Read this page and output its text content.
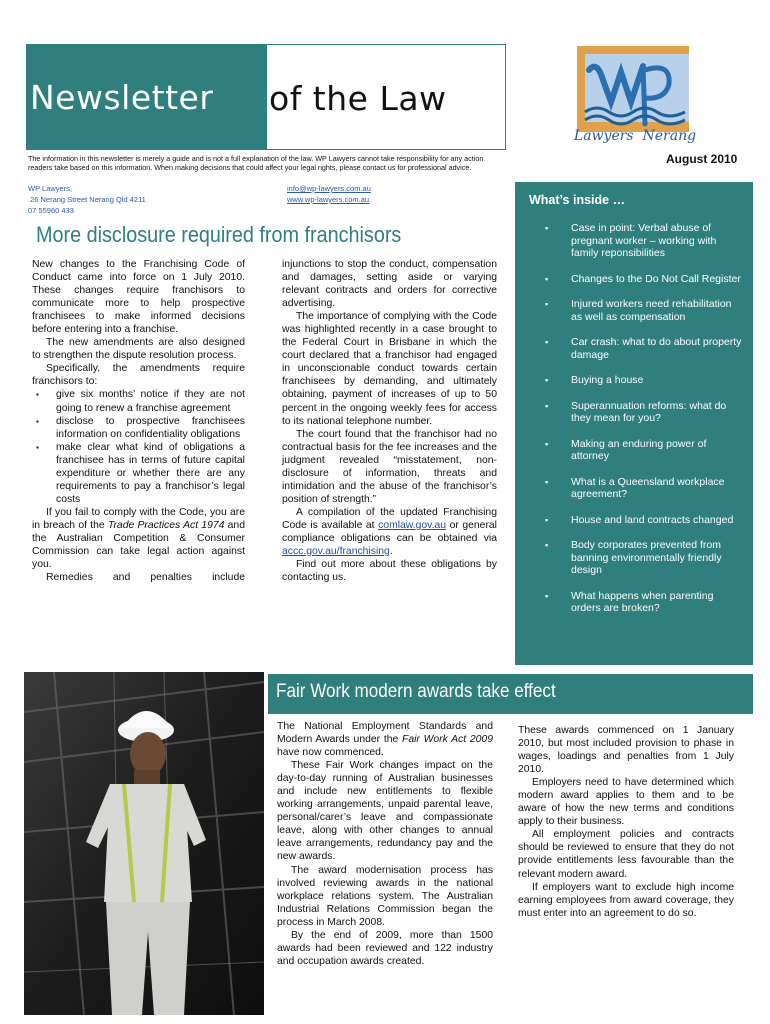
Newsletter of the Law
Lawyers  Nerang
The information in this newsletter is merely a guide and is not a full explanation of the law. WP Lawyers cannot take responsibility for any action readers take based on this information. When making decisions that could affect your legal rights, please contact us for professional advice.
August 2010
WP Lawyers,
26 Nerang Street Nerang Qld 4211
07 55960 433
info@wp-lawyers.com.au
www.wp-lawyers.com.au	What’s inside …
▪ Case in point: Verbal abuse of pregnant worker – working with family reponsibilities
▪ Changes to the Do Not Call Register
▪ Injured workers need rehabilitation as well as compensation
▪ Car crash: what to do about property damage
▪ Buying a house
▪ Superannuation reforms: what do they mean for you?
▪ Making an enduring power of attorney
▪ What is a Queensland workplace agreement?
▪ House and land contracts changed
▪ Body corporates prevented from banning environmentally friendly design
▪ What happens when parenting orders are broken?
More disclosure required from franchisors

New changes to the Franchising Code of Conduct came into force on 1 July 2010. These changes require franchisors to communicate more to help prospective franchisees to make informed decisions before entering into a franchise.

The new amendments are also designed to strengthen the dispute resolution process.

Specifically, the amendments require franchisors to:

▪ give six months’ notice if they are not going to renew a franchise agreement

▪ disclose to prospective franchisees information on confidentiality obligations

▪ make clear what kind of obligations a franchisee has in terms of future capital expenditure or whether there are any requirements to pay a franchisor’s legal costs

If you fail to comply with the Code, you are in breach of the Trade Practices Act 1974 and the Australian Competition & Consumer Commission can take legal action against you.

Remedies and penalties include

injunctions to stop the conduct, compensation and damages, setting aside or varying relevant contracts and orders for corrective advertising.

The importance of complying with the Code was highlighted recently in a case brought to the Federal Court in Brisbane in which the court declared that a franchisor had engaged in unconscionable conduct towards certain franchisees by demanding, and ultimately obtaining, payment of increases of up to 50 percent in the ongoing weekly fees for access to its national telephone number.

The court found that the franchisor had no contractual basis for the fee increases and the judgment revealed “misstatement, non-disclosure of information, threats and intimidation and the abuse of the franchisor’s position of strength.”

A compilation of the updated Franchising Code is available at comlaw.gov.au or general compliance obligations can be obtained via accc.gov.au/franchising.

Find out more about these obligations by contacting us.

Fair Work modern awards take effect

The National Employment Standards and Modern Awards under the Fair Work Act 2009 have now commenced.

These Fair Work changes impact on the day-to-day running of Australian businesses and include new entitlements to flexible working arrangements, unpaid parental leave, personal/carer’s leave and compassionate leave, along with other changes to annual leave arrangements, redundancy pay and the new awards.

The award modernisation process has involved reviewing awards in the national workplace relations system. The Australian Industrial Relations Commission began the process in March 2008.

By the end of 2009, more than 1500 awards had been reviewed and 122 industry and occupation awards created.

These awards commenced on 1 January 2010, but most included provision to phase in wages, loadings and penalties from 1 July 2010.

Employers need to have determined which modern award applies to them and to be aware of how the new terms and conditions apply to their business.

All employment policies and contracts should be reviewed to ensure that they do not provide entitlements less favourable than the relevant modern award.

If employers want to exclude high income earning employees from award coverage, they must enter into an agreement to do so.
